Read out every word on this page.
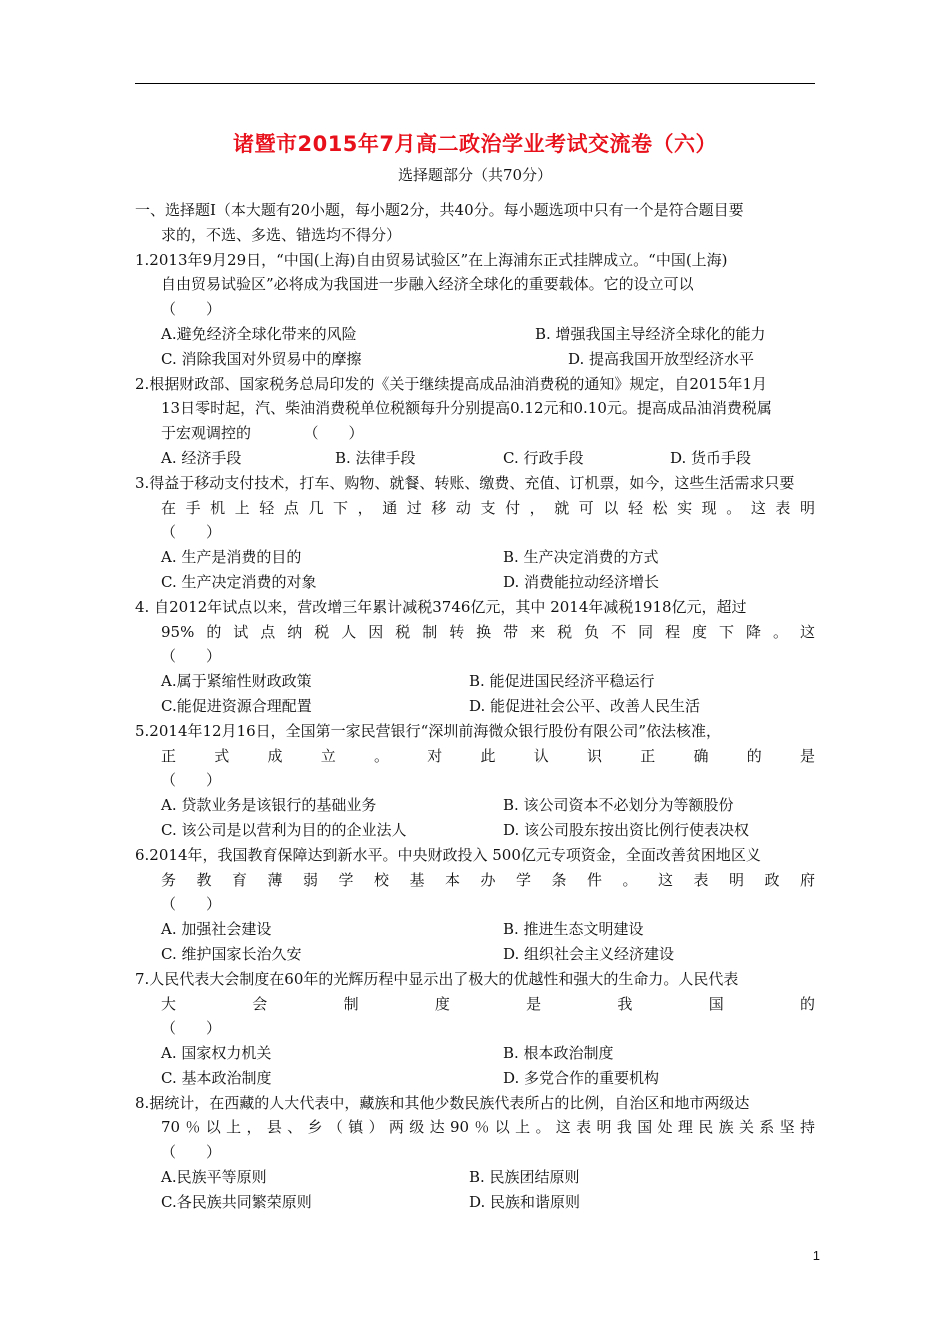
诸暨市2015年7月高二政治学业考试交流卷（六）
选择题部分（共70分）
一、选择题Ⅰ（本大题有20小题，每小题2分，共40分。每小题选项中只有一个是符合题目要
求的，不选、多选、错选均不得分）
1.2013年9月29日，“中国(上海)自由贸易试验区”在上海浦东正式挂牌成立。“中国(上海)
自由贸易试验区”必将成为我国进一步融入经济全球化的重要载体。它的设立可以
（　　）
A.避免经济全球化带来的风险	B. 增强我国主导经济全球化的能力
C. 消除我国对外贸易中的摩擦	D. 提高我国开放型经济水平
2.根据财政部、国家税务总局印发的《关于继续提高成品油消费税的通知》规定，自2015年1月
13日零时起，汽、柴油消费税单位税额每升分别提高0.12元和0.10元。提高成品油消费税属
于宏观调控的　　　　（　　）
A. 经济手段	B. 法律手段	C. 行政手段	D. 货币手段
3.得益于移动支付技术，打车、购物、就餐、转账、缴费、充值、订机票，如今，这些生活需求只要
在手机上轻点几下，通过移动支付，就可以轻松实现。这表明
（　　）
A. 生产是消费的目的	B. 生产决定消费的方式
C. 生产决定消费的对象	D. 消费能拉动经济增长
4. 自2012年试点以来，营改增三年累计减税3746亿元，其中 2014年减税1918亿元，超过
95%的试点纳税人因税制转换带来税负不同程度下降。这
（　　）
A.属于紧缩性财政政策	B. 能促进国民经济平稳运行
C.能促进资源合理配置	D. 能促进社会公平、改善人民生活
5.2014年12月16日，全国第一家民营银行“深圳前海微众银行股份有限公司”依法核准，
正式成立。对此认识正确的是
（　　）
A. 贷款业务是该银行的基础业务	B. 该公司资本不必划分为等额股份
C. 该公司是以营利为目的的企业法人	D. 该公司股东按出资比例行使表决权
6.2014年，我国教育保障达到新水平。中央财政投入 500亿元专项资金，全面改善贫困地区义
务教育薄弱学校基本办学条件。这表明政府
（　　）
A. 加强社会建设	B. 推进生态文明建设
C. 维护国家长治久安	D. 组织社会主义经济建设
7.人民代表大会制度在60年的光辉历程中显示出了极大的优越性和强大的生命力。人民代表
大会制度是我国的
（　　）
A. 国家权力机关	B. 根本政治制度
C. 基本政治制度	D. 多党合作的重要机构
8.据统计，在西藏的人大代表中，藏族和其他少数民族代表所占的比例，自治区和地市两级达
70％以上，县、乡（镇）两级达90％以上。这表明我国处理民族关系坚持
（　　）
A.民族平等原则	B. 民族团结原则
C.各民族共同繁荣原则	D. 民族和谐原则
1
